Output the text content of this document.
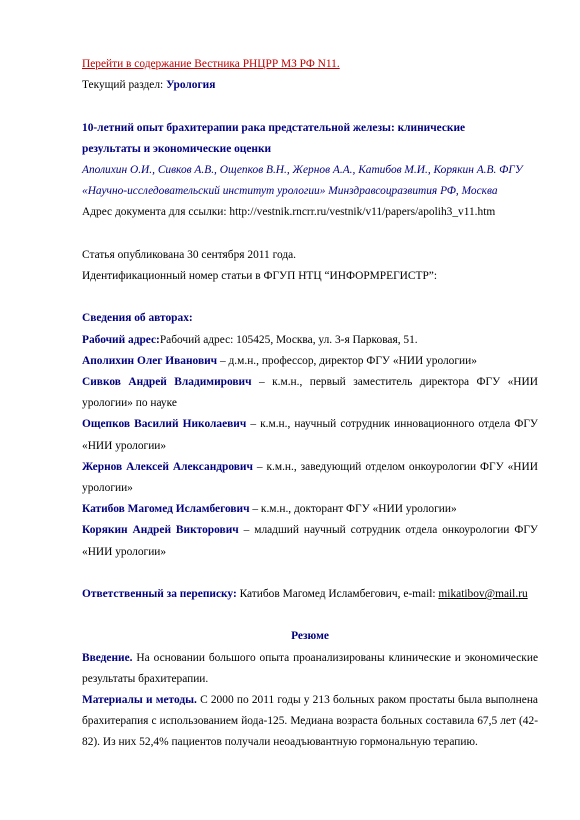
Перейти в содержание Вестника РНЦРР МЗ РФ N11.
Текущий раздел: Урология
10-летний опыт брахитерапии рака предстательной железы: клинические
результаты и экономические оценки
Аполихин О.И., Сивков А.В., Ощепков В.Н., Жернов А.А., Катибов М.И., Корякин А.В. ФГУ
«Научно-исследовательский институт урологии» Минздравсоцразвития РФ, Москва
Адрес документа для ссылки: http://vestnik.rncrr.ru/vestnik/v11/papers/apolih3_v11.htm
Статья опубликована 30 сентября 2011 года.
Идентификационный номер статьи в ФГУП НТЦ “ИНФОРМРЕГИСТР”:
Сведения об авторах:
Рабочий адрес:Рабочий адрес: 105425, Москва, ул. 3-я Парковая, 51.
Аполихин Олег Иванович – д.м.н., профессор, директор ФГУ «НИИ урологии»
Сивков Андрей Владимирович – к.м.н., первый заместитель директора ФГУ «НИИ урологии» по науке
Ощепков Василий Николаевич – к.м.н., научный сотрудник инновационного отдела ФГУ «НИИ урологии»
Жернов Алексей Александрович – к.м.н., заведующий отделом онкоурологии ФГУ «НИИ урологии»
Катибов Магомед Исламбегович – к.м.н., докторант ФГУ «НИИ урологии»
Корякин Андрей Викторович – младший научный сотрудник отдела онкоурологии ФГУ «НИИ урологии»
Ответственный за переписку: Катибов Магомед Исламбегович, e-mail: mikatibov@mail.ru
Резюме
Введение. На основании большого опыта проанализированы клинические и экономические результаты брахитерапии.
Материалы и методы. С 2000 по 2011 годы у 213 больных раком простаты была выполнена брахитерапия с использованием йода-125. Медиана возраста больных составила 67,5 лет (42-82). Из них 52,4% пациентов получали неоадъювантную гормональную терапию.
